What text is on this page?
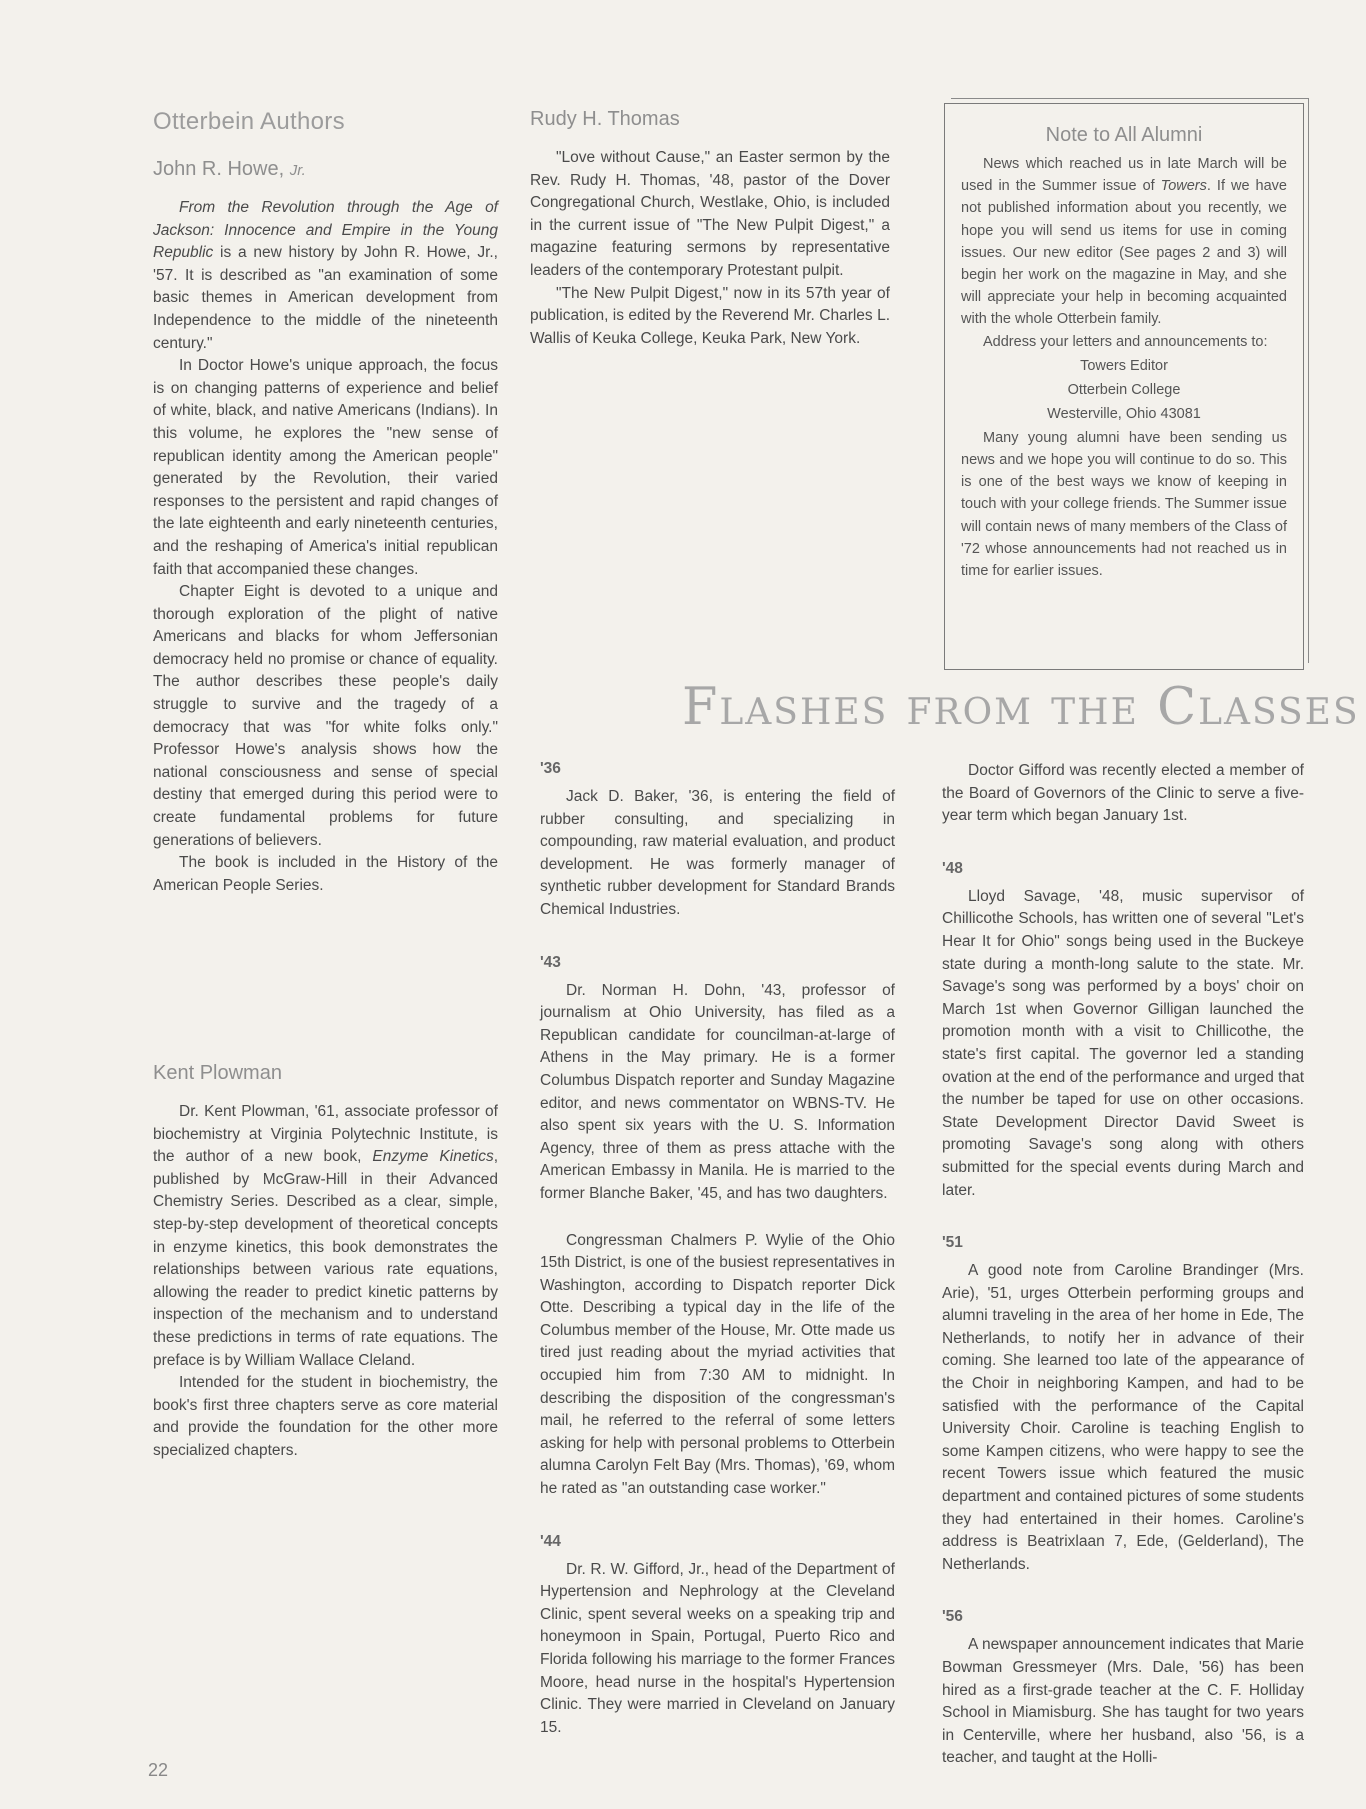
Otterbein Authors
John R. Howe, Jr.

From the Revolution through the Age of Jackson: Innocence and Empire in the Young Republic is a new history by John R. Howe, Jr., '57. It is described as "an examination of some basic themes in American development from Independence to the middle of the nineteenth century."

In Doctor Howe's unique approach, the focus is on changing patterns of experience and belief of white, black, and native Americans (Indians). In this volume, he explores the "new sense of republican identity among the American people" generated by the Revolution, their varied responses to the persistent and rapid changes of the late eighteenth and early nineteenth centuries, and the reshaping of America's initial republican faith that accompanied these changes.

Chapter Eight is devoted to a unique and thorough exploration of the plight of native Americans and blacks for whom Jeffersonian democracy held no promise or chance of equality. The author describes these people's daily struggle to survive and the tragedy of a democracy that was "for white folks only." Professor Howe's analysis shows how the national consciousness and sense of special destiny that emerged during this period were to create fundamental problems for future generations of believers.

The book is included in the History of the American People Series.

Kent Plowman

Dr. Kent Plowman, '61, associate professor of biochemistry at Virginia Polytechnic Institute, is the author of a new book, Enzyme Kinetics, published by McGraw-Hill in their Advanced Chemistry Series. Described as a clear, simple, step-by-step development of theoretical concepts in enzyme kinetics, this book demonstrates the relationships between various rate equations, allowing the reader to predict kinetic patterns by inspection of the mechanism and to understand these predictions in terms of rate equations. The preface is by William Wallace Cleland.

Intended for the student in biochemistry, the book's first three chapters serve as core material and provide the foundation for the other more specialized chapters.

Rudy H. Thomas

"Love without Cause," an Easter sermon by the Rev. Rudy H. Thomas, '48, pastor of the Dover Congregational Church, Westlake, Ohio, is included in the current issue of "The New Pulpit Digest," a magazine featuring sermons by representative leaders of the contemporary Protestant pulpit.

"The New Pulpit Digest," now in its 57th year of publication, is edited by the Reverend Mr. Charles L. Wallis of Keuka College, Keuka Park, New York.

Note to All Alumni

News which reached us in late March will be used in the Summer issue of Towers. If we have not published information about you recently, we hope you will send us items for use in coming issues. Our new editor (See pages 2 and 3) will begin her work on the magazine in May, and she will appreciate your help in becoming acquainted with the whole Otterbein family.

Address your letters and announcements to:

Towers Editor

Otterbein College

Westerville, Ohio 43081

Many young alumni have been sending us news and we hope you will continue to do so. This is one of the best ways we know of keeping in touch with your college friends. The Summer issue will contain news of many members of the Class of '72 whose announcements had not reached us in time for earlier issues.

Flashes from the Classes
'36

Jack D. Baker, '36, is entering the field of rubber consulting, and specializing in compounding, raw material evaluation, and product development. He was formerly manager of synthetic rubber development for Standard Brands Chemical Industries.

'43

Dr. Norman H. Dohn, '43, professor of journalism at Ohio University, has filed as a Republican candidate for councilman-at-large of Athens in the May primary. He is a former Columbus Dispatch reporter and Sunday Magazine editor, and news commentator on WBNS-TV. He also spent six years with the U. S. Information Agency, three of them as press attache with the American Embassy in Manila. He is married to the former Blanche Baker, '45, and has two daughters.

Congressman Chalmers P. Wylie of the Ohio 15th District, is one of the busiest representatives in Washington, according to Dispatch reporter Dick Otte. Describing a typical day in the life of the Columbus member of the House, Mr. Otte made us tired just reading about the myriad activities that occupied him from 7:30 AM to midnight. In describing the disposition of the congressman's mail, he referred to the referral of some letters asking for help with personal problems to Otterbein alumna Carolyn Felt Bay (Mrs. Thomas), '69, whom he rated as "an outstanding case worker."

'44

Dr. R. W. Gifford, Jr., head of the Department of Hypertension and Nephrology at the Cleveland Clinic, spent several weeks on a speaking trip and honeymoon in Spain, Portugal, Puerto Rico and Florida following his marriage to the former Frances Moore, head nurse in the hospital's Hypertension Clinic. They were married in Cleveland on January 15.

Doctor Gifford was recently elected a member of the Board of Governors of the Clinic to serve a five-year term which began January 1st.

'48

Lloyd Savage, '48, music supervisor of Chillicothe Schools, has written one of several "Let's Hear It for Ohio" songs being used in the Buckeye state during a month-long salute to the state. Mr. Savage's song was performed by a boys' choir on March 1st when Governor Gilligan launched the promotion month with a visit to Chillicothe, the state's first capital. The governor led a standing ovation at the end of the performance and urged that the number be taped for use on other occasions. State Development Director David Sweet is promoting Savage's song along with others submitted for the special events during March and later.

'51

A good note from Caroline Brandinger (Mrs. Arie), '51, urges Otterbein performing groups and alumni traveling in the area of her home in Ede, The Netherlands, to notify her in advance of their coming. She learned too late of the appearance of the Choir in neighboring Kampen, and had to be satisfied with the performance of the Capital University Choir. Caroline is teaching English to some Kampen citizens, who were happy to see the recent Towers issue which featured the music department and contained pictures of some students they had entertained in their homes. Caroline's address is Beatrixlaan 7, Ede, (Gelderland), The Netherlands.

'56

A newspaper announcement indicates that Marie Bowman Gressmeyer (Mrs. Dale, '56) has been hired as a first-grade teacher at the C. F. Holliday School in Miamisburg. She has taught for two years in Centerville, where her husband, also '56, is a teacher, and taught at the Holli-

22
